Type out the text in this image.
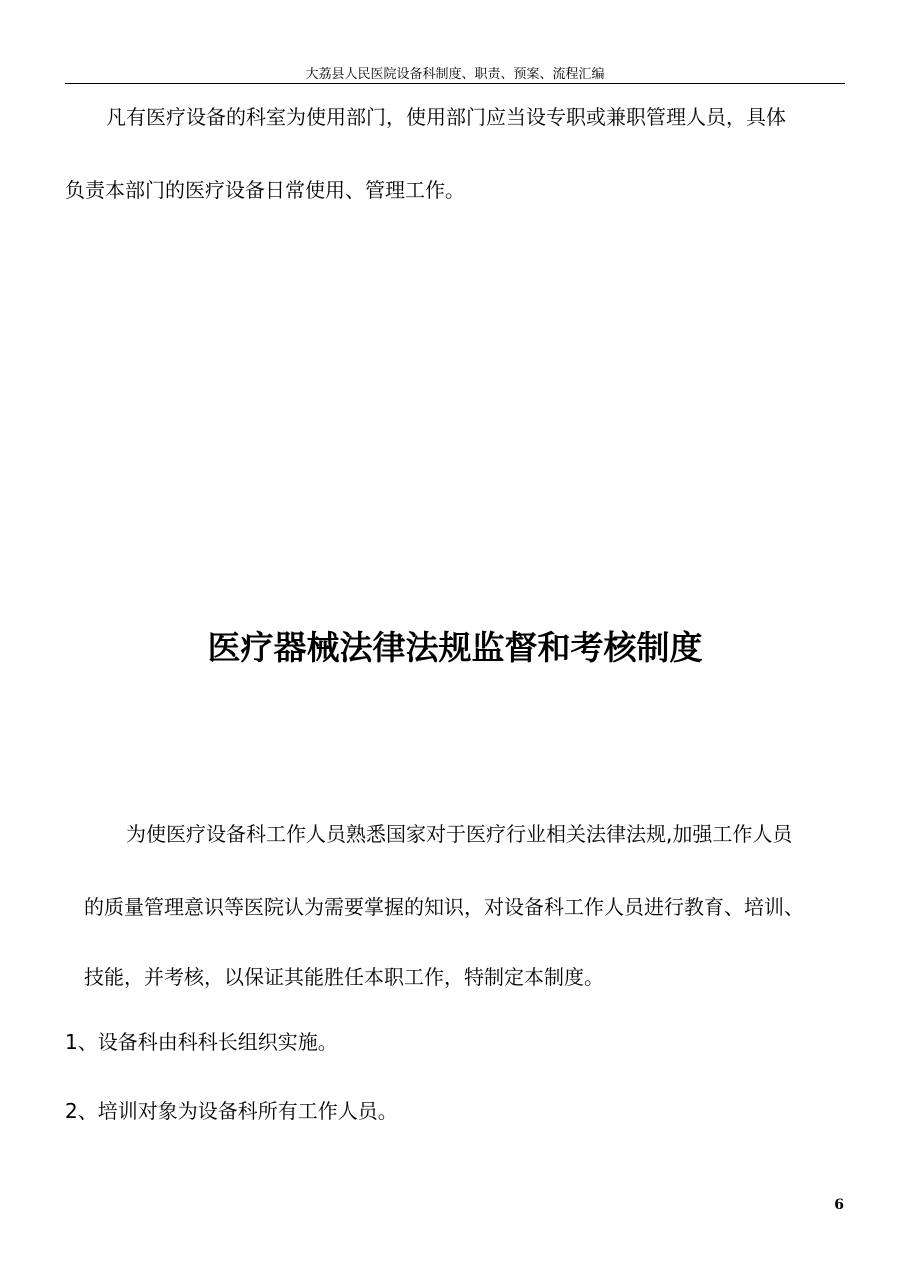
大荔县人民医院设备科制度、职责、预案、流程汇编
凡有医疗设备的科室为使用部门，使用部门应当设专职或兼职管理人员，具体
负责本部门的医疗设备日常使用、管理工作。
医疗器械法律法规监督和考核制度
为使医疗设备科工作人员熟悉国家对于医疗行业相关法律法规,加强工作人员
的质量管理意识等医院认为需要掌握的知识，对设备科工作人员进行教育、培训、
技能，并考核，以保证其能胜任本职工作，特制定本制度。
1、设备科由科科长组织实施。
2、培训对象为设备科所有工作人员。
6
